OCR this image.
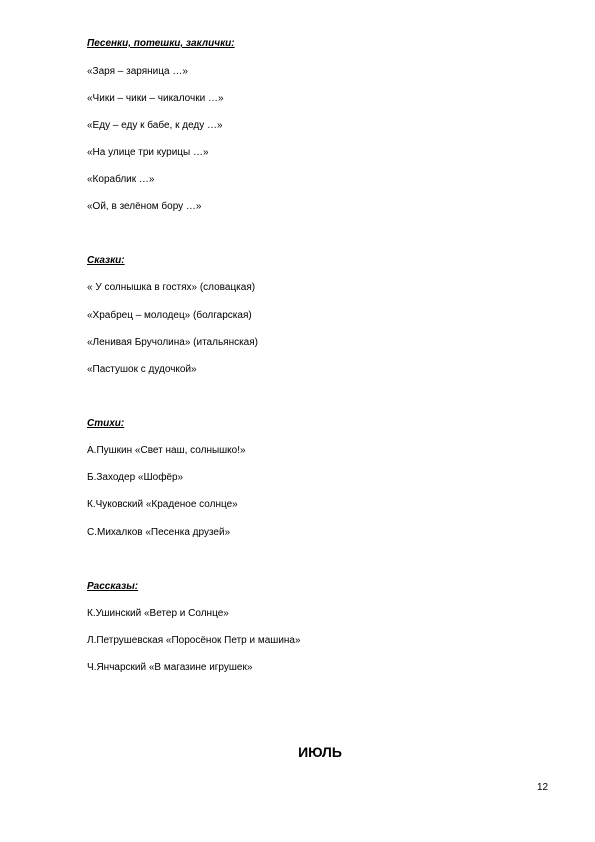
Песенки, потешки, заклички:
«Заря – заряница …»
«Чики – чики – чикалочки …»
«Еду – еду к бабе, к деду …»
«На улице три курицы …»
«Кораблик …»
«Ой, в зелёном бору …»
Сказки:
« У солнышка в гостях» (словацкая)
«Храбрец – молодец» (болгарская)
«Ленивая Бручолина» (итальянская)
«Пастушок с дудочкой»
Стихи:
А.Пушкин «Свет наш, солнышко!»
Б.Заходер «Шофёр»
К.Чуковский «Краденое солнце»
С.Михалков «Песенка друзей»
Рассказы:
К.Ушинский «Ветер и Солнце»
Л.Петрушевская «Поросёнок Петр и машина»
Ч.Янчарский «В магазине игрушек»
ИЮЛЬ
12
